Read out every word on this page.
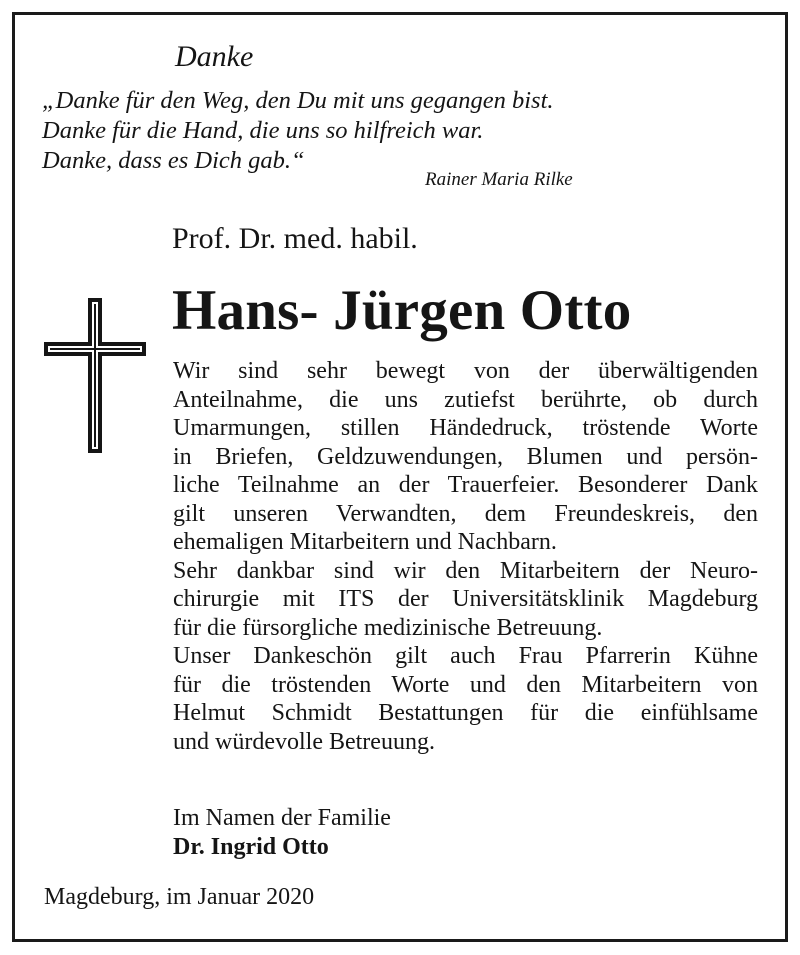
Danke
„Danke für den Weg, den Du mit uns gegangen bist.
Danke für die Hand, die uns so hilfreich war.
Danke, dass es Dich gab.“
Rainer Maria Rilke
Prof. Dr. med. habil.
Hans- Jürgen Otto
Wir sind sehr bewegt von der überwältigenden
Anteilnahme, die uns zutiefst berührte, ob durch
Umarmungen, stillen Händedruck, tröstende Worte
in Briefen, Geldzuwendungen, Blumen und persön-
liche Teilnahme an der Trauerfeier. Besonderer Dank
gilt unseren Verwandten, dem Freundeskreis, den
ehemaligen Mitarbeitern und Nachbarn.
Sehr dankbar sind wir den Mitarbeitern der Neuro-
chirurgie mit ITS der Universitätsklinik Magdeburg
für die fürsorgliche medizinische Betreuung.
Unser Dankeschön gilt auch Frau Pfarrerin Kühne
für die tröstenden Worte und den Mitarbeitern von
Helmut Schmidt Bestattungen für die einfühlsame
und würdevolle Betreuung.
Im Namen der Familie
Dr. Ingrid Otto
Magdeburg, im Januar 2020
